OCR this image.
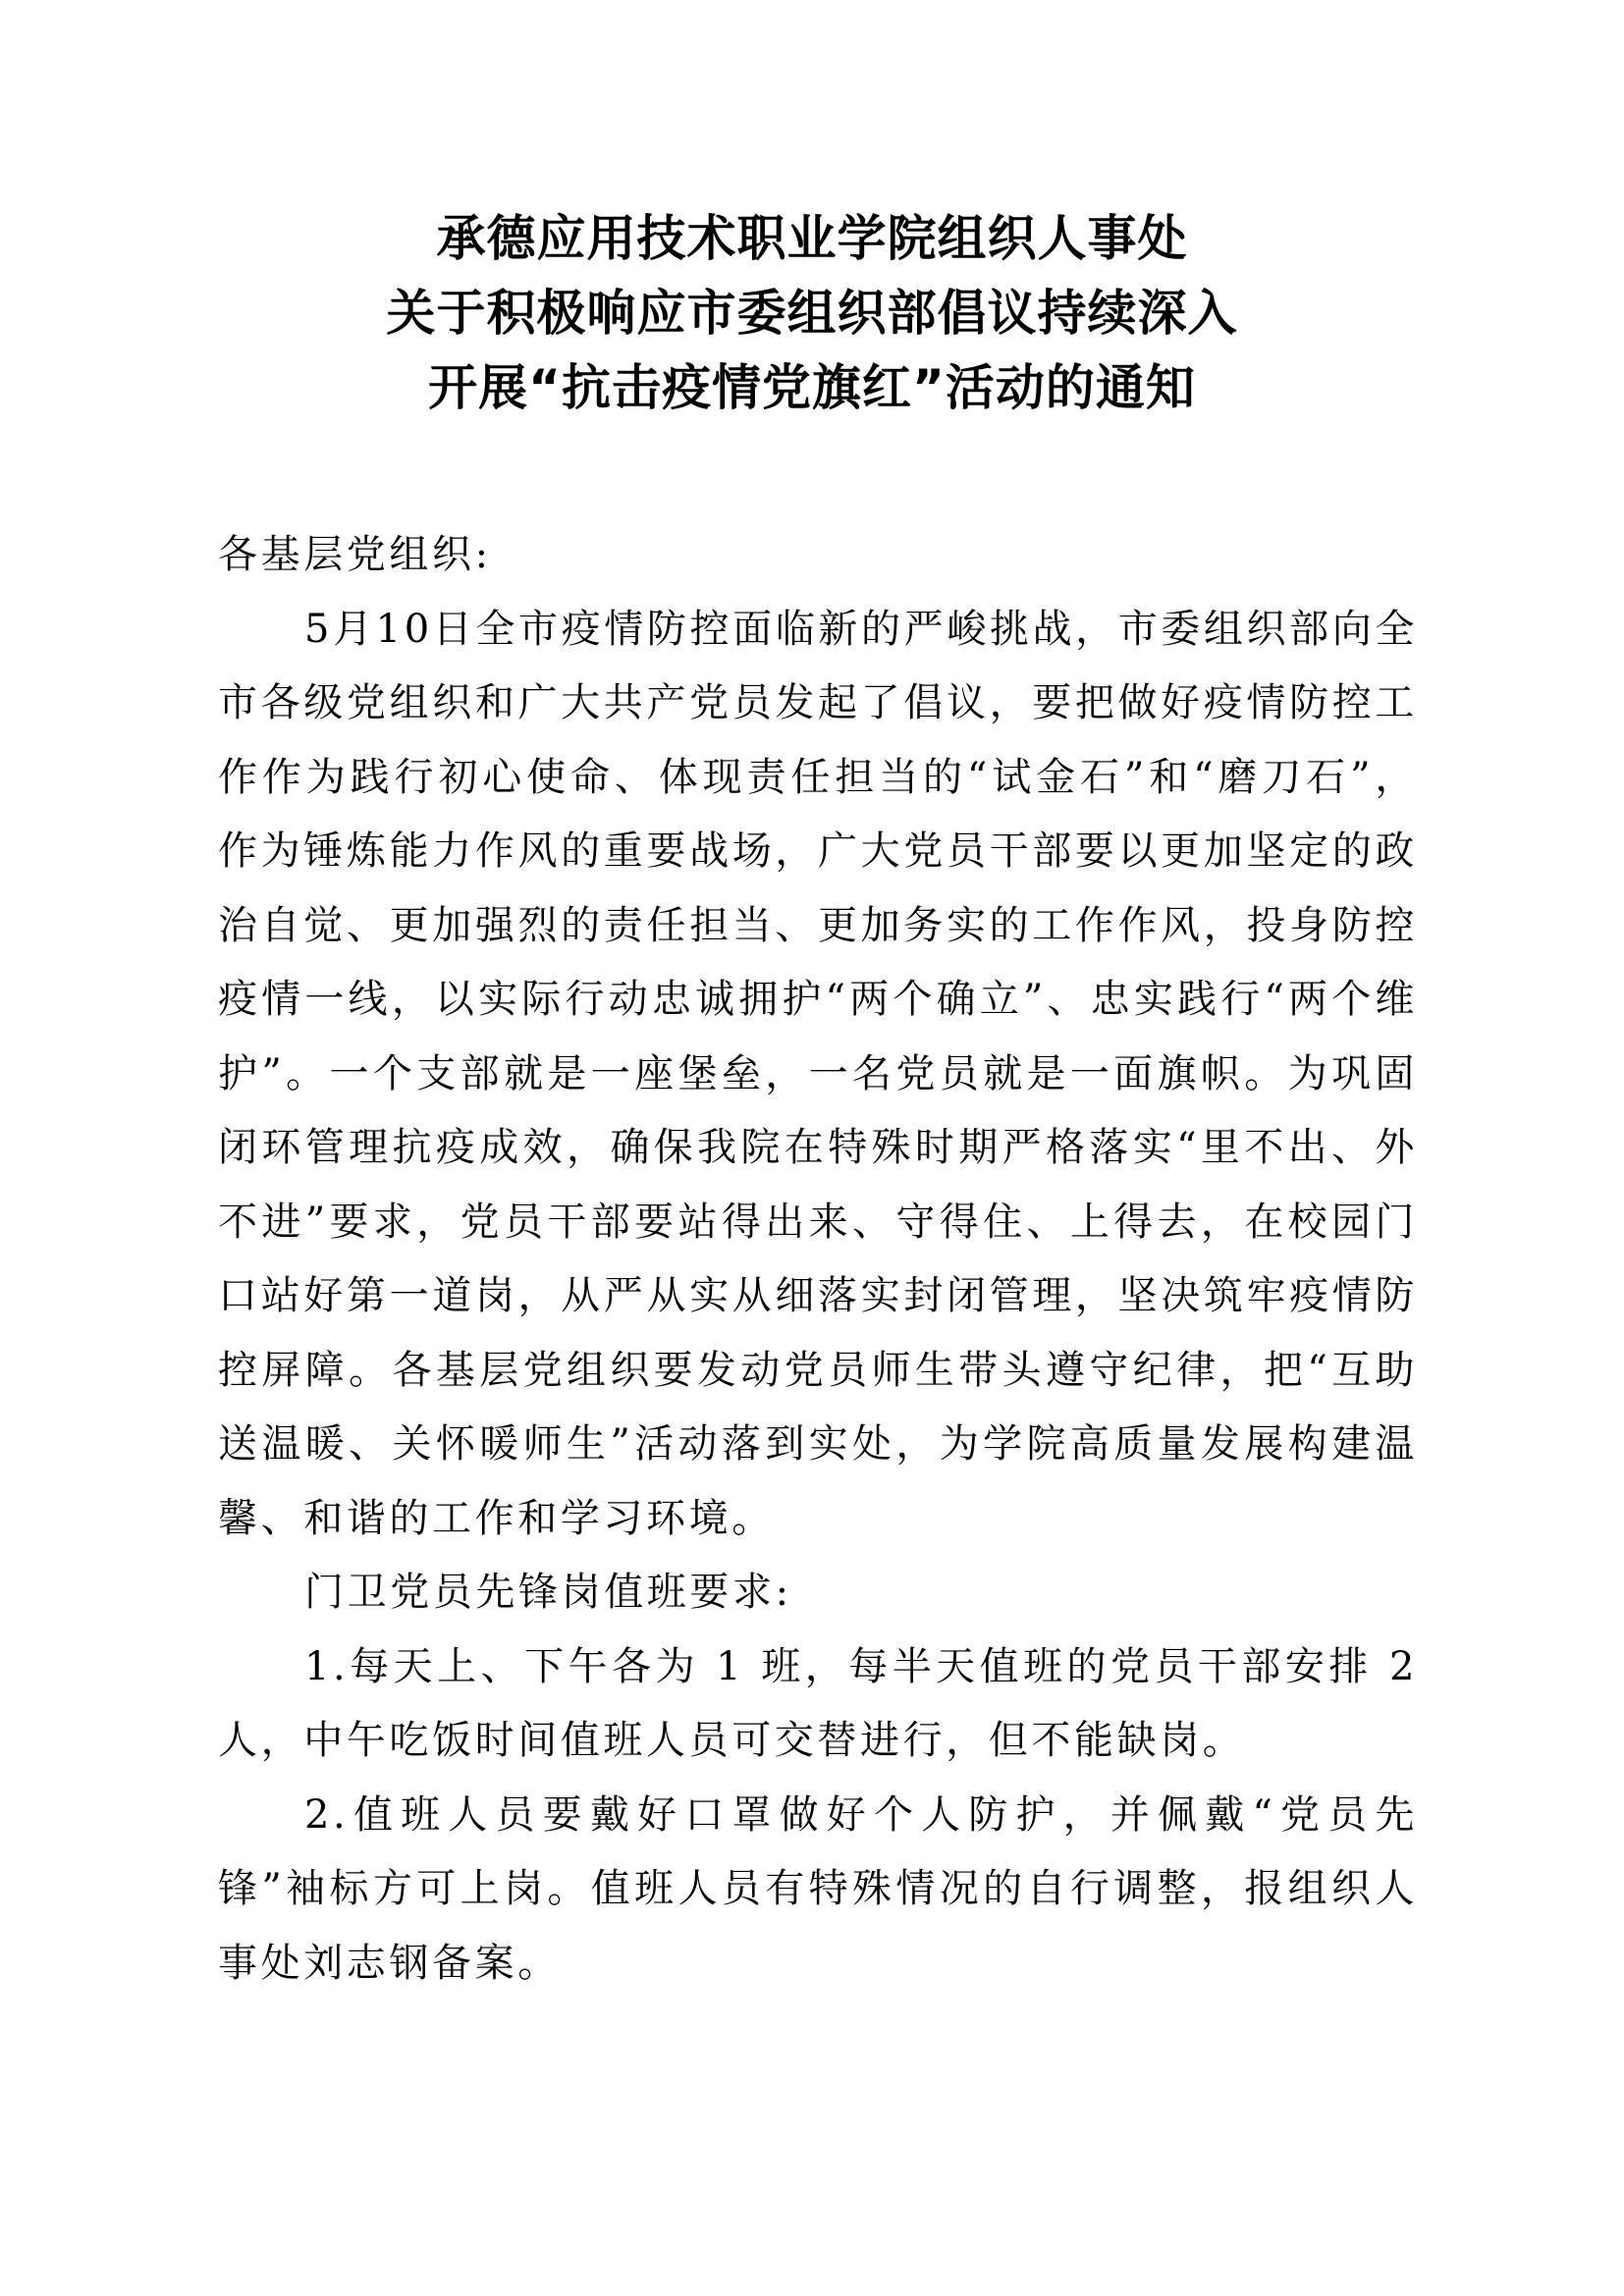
承德应用技术职业学院组织人事处
关于积极响应市委组织部倡议持续深入
开展“抗击疫情党旗红”活动的通知

各基层党组织:

5月10日全市疫情防控面临新的严峻挑战，市委组织部向全市各级党组织和广大共产党员发起了倡议，要把做好疫情防控工作作为践行初心使命、体现责任担当的“试金石”和“磨刀石”，作为锤炼能力作风的重要战场，广大党员干部要以更加坚定的政治自觉、更加强烈的责任担当、更加务实的工作作风，投身防控疫情一线，以实际行动忠诚拥护“两个确立”、忠实践行“两个维护”。一个支部就是一座堡垒，一名党员就是一面旗帜。为巩固闭环管理抗疫成效，确保我院在特殊时期严格落实“里不出、外不进”要求，党员干部要站得出来、守得住、上得去，在校园门口站好第一道岗，从严从实从细落实封闭管理，坚决筑牢疫情防控屏障。各基层党组织要发动党员师生带头遵守纪律，把“互助送温暖、关怀暖师生”活动落到实处，为学院高质量发展构建温馨、和谐的工作和学习环境。

门卫党员先锋岗值班要求:

1.每天上、下午各为 1 班，每半天值班的党员干部安排 2 人，中午吃饭时间值班人员可交替进行，但不能缺岗。

2.值班人员要戴好口罩做好个人防护，并佩戴“党员先锋”袖标方可上岗。值班人员有特殊情况的自行调整，报组织人事处刘志钢备案。
